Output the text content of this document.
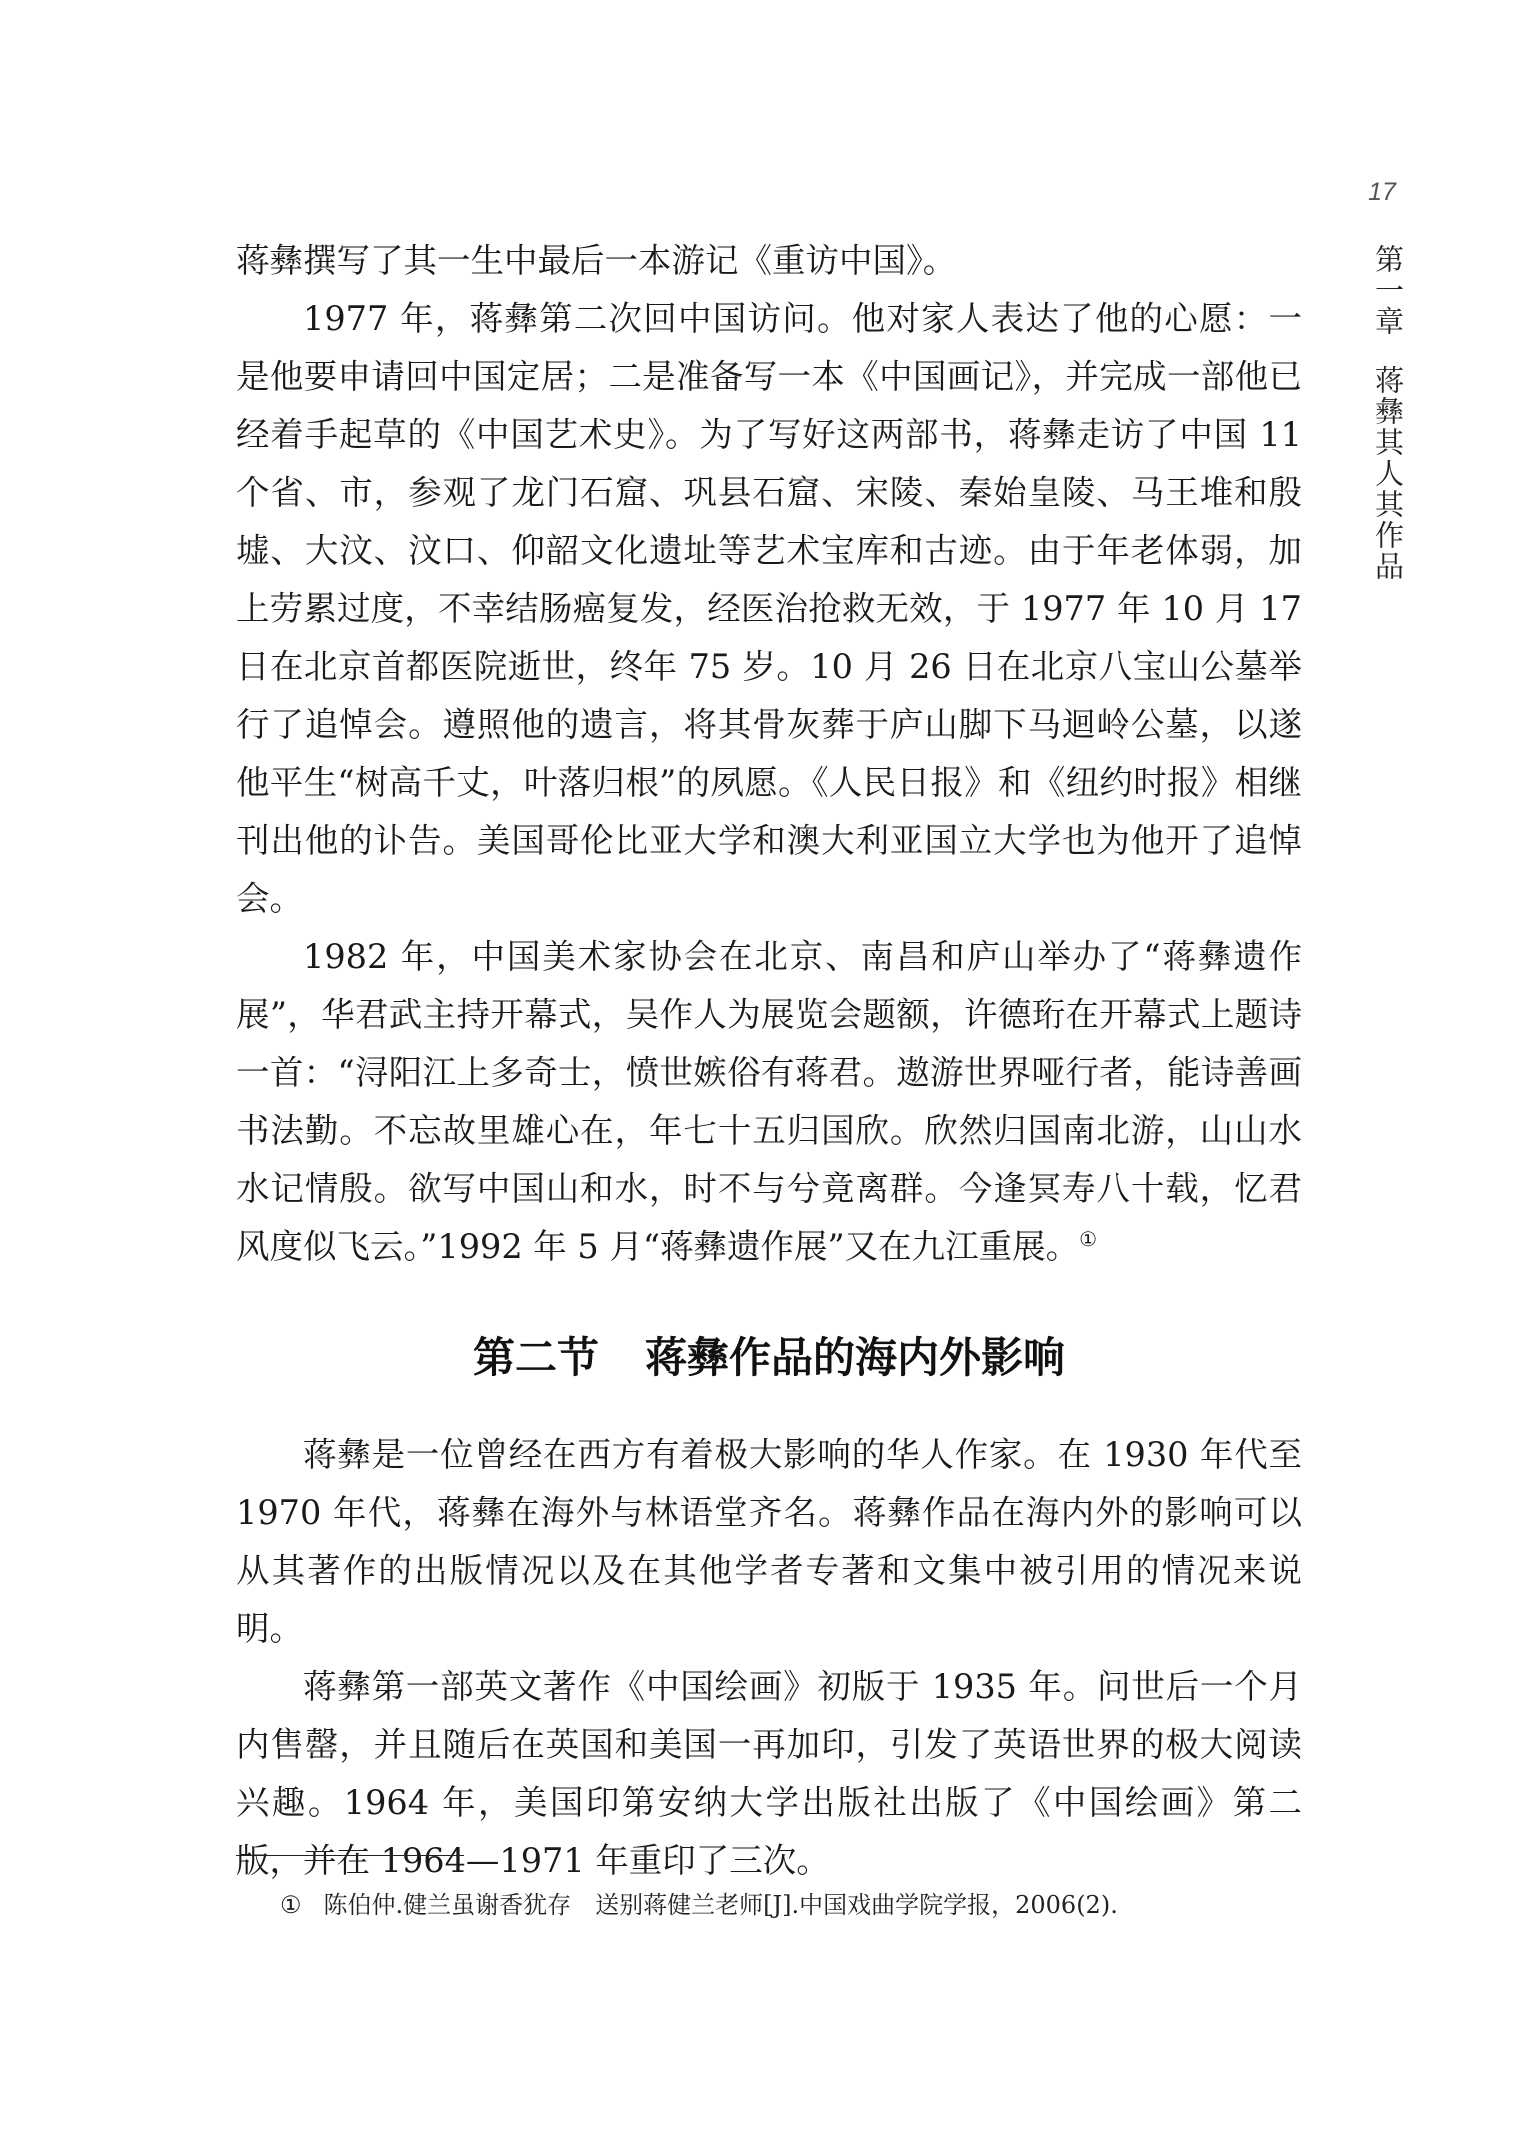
17
第一章蒋彝其人其作品

蒋彝撰写了其一生中最后一本游记《重访中国》。

1977 年，蒋彝第二次回中国访问。他对家人表达了他的心愿：一是他要申请回中国定居；二是准备写一本《中国画记》，并完成一部他已经着手起草的《中国艺术史》。为了写好这两部书，蒋彝走访了中国 11 个省、市，参观了龙门石窟、巩县石窟、宋陵、秦始皇陵、马王堆和殷墟、大汶、汶口、仰韶文化遗址等艺术宝库和古迹。由于年老体弱，加上劳累过度，不幸结肠癌复发，经医治抢救无效，于 1977 年 10 月 17 日在北京首都医院逝世，终年 75 岁。10 月 26 日在北京八宝山公墓举行了追悼会。遵照他的遗言，将其骨灰葬于庐山脚下马迴岭公墓，以遂他平生“树高千丈，叶落归根”的夙愿。《人民日报》和《纽约时报》相继刊出他的讣告。美国哥伦比亚大学和澳大利亚国立大学也为他开了追悼会。

1982 年，中国美术家协会在北京、南昌和庐山举办了“蒋彝遗作展”，华君武主持开幕式，吴作人为展览会题额，许德珩在开幕式上题诗一首：“浔阳江上多奇士，愤世嫉俗有蒋君。遨游世界哑行者，能诗善画书法勤。不忘故里雄心在，年七十五归国欣。欣然归国南北游，山山水水记情殷。欲写中国山和水，时不与兮竟离群。今逢冥寿八十载，忆君风度似飞云。”1992 年 5 月“蒋彝遗作展”又在九江重展。①

第二节 蒋彝作品的海内外影响

蒋彝是一位曾经在西方有着极大影响的华人作家。在 1930 年代至 1970 年代，蒋彝在海外与林语堂齐名。蒋彝作品在海内外的影响可以从其著作的出版情况以及在其他学者专著和文集中被引用的情况来说明。

蒋彝第一部英文著作《中国绘画》初版于 1935 年。问世后一个月内售罄，并且随后在英国和美国一再加印，引发了英语世界的极大阅读兴趣。1964 年，美国印第安纳大学出版社出版了《中国绘画》第二版，并在 1964—1971 年重印了三次。

① 陈伯仲.健兰虽谢香犹存　送别蒋健兰老师[J].中国戏曲学院学报，2006(2).
